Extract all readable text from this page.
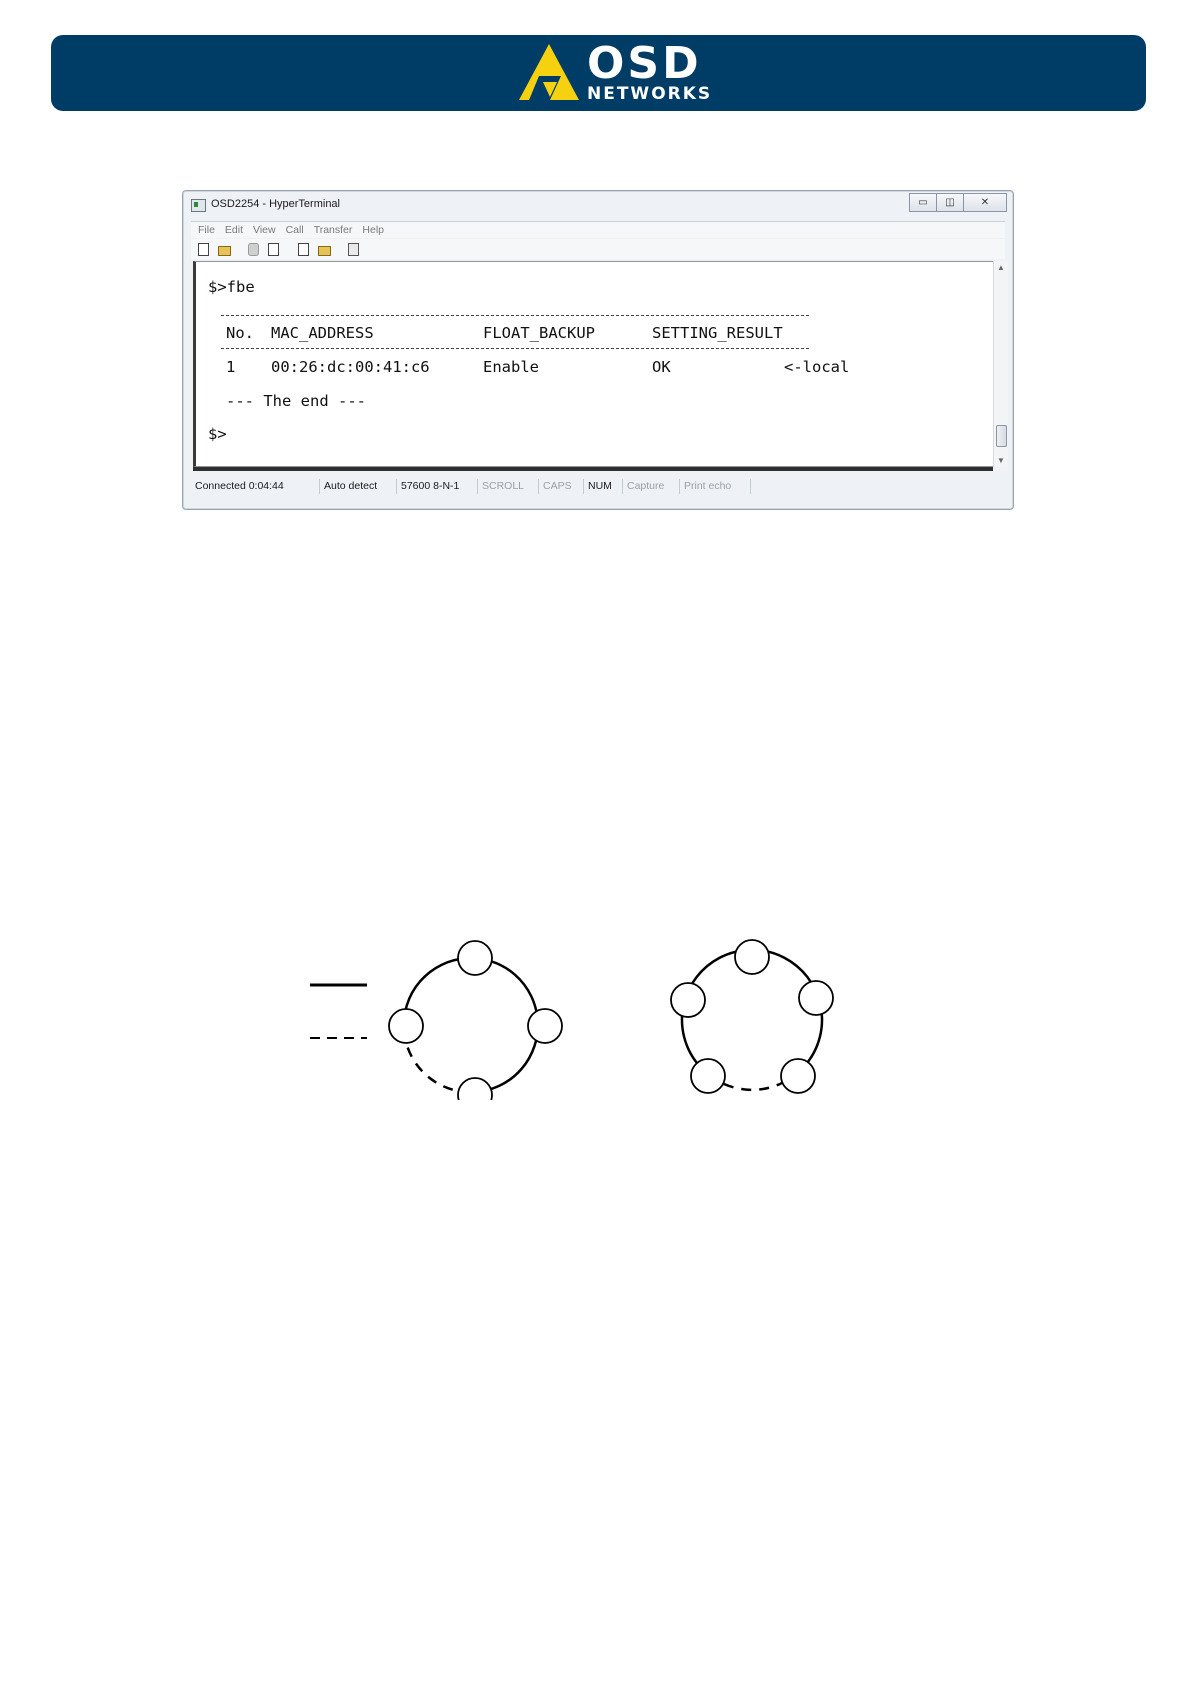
OSD
NETWORKS
OSD2254 - HyperTerminal	▭ ◫	✕
File Edit View Call Transfer Help
$>fbe
No. MAC_ADDRESS	FLOAT_BACKUP	SETTING_RESULT
1 00:26:dc:00:41:c6	Enable	OK	<-local
--- The end ---
$>
▲
▼
Connected 0:04:44	Auto detect	57600 8-N-1	SCROLL	CAPS	NUM	Capture	Print echo
